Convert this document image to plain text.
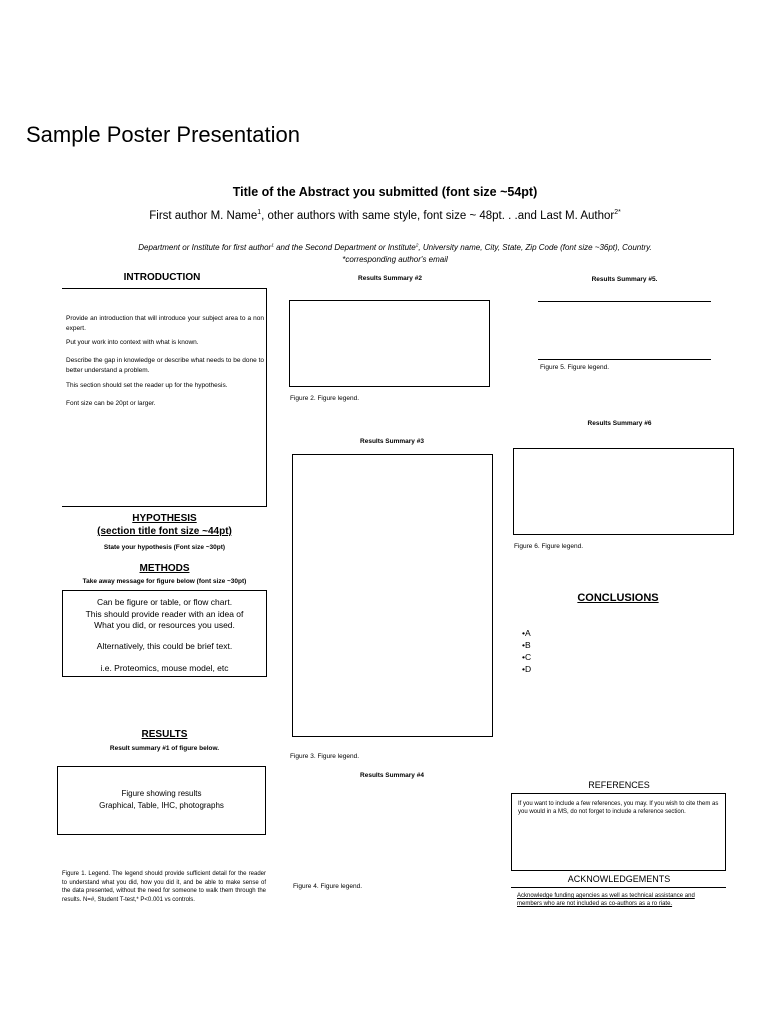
Sample Poster Presentation
Title of the Abstract you submitted (font size ~54pt)
First author M. Name$^1$, other authors with same style, font size ~ 48pt. . .and Last M. Author$^{2*}$
Department or Institute for first author$^1$ and the Second Department or Institute$^2$, University name, City, State, Zip Code (font size ~36pt), Country.
*corresponding author's email
INTRODUCTION
Provide an introduction that will introduce your subject area to a non expert.
Put your work into context with what is known.
Describe the gap in knowledge or describe what needs to be done to better understand a problem.
This section should set the reader up for the hypothesis.
Font size can be 20pt or larger.
HYPOTHESIS
(section title font size ~44pt)
State your hypothesis (Font size ~30pt)
METHODS
Take away message for figure below (font size ~30pt)
Can be figure or table, or flow chart.
This should provide reader with an idea of
What you did, or resources you used.
Alternatively, this could be brief text.
i.e. Proteomics, mouse model, etc
RESULTS
Result summary #1 of figure below.
Figure showing results
Graphical, Table, IHC, photographs
Figure 1. Legend. The legend should provide sufficient detail for the reader to understand what you did, how you did it, and be able to make sense of the data presented, without the need for someone to walk them through the results. N=#, Student T-test,* P<0.001 vs controls.
Results Summary #2
Figure 2. Figure legend.
Results Summary #3
Figure 3. Figure legend.
Results Summary #4
Figure 4. Figure legend.
Results Summary #5.
Figure 5. Figure legend.
Results Summary #6
Figure 6. Figure legend.
CONCLUSIONS
•A
•B
•C
•D
REFERENCES
If you want to include a few references, you may. If you wish to cite them as you would in a MS, do not forget to include a reference section.
ACKNOWLEDGEMENTS
Acknowledge funding agencies as well as technical assistance and members who are not included as co-authors as a ro riate.
